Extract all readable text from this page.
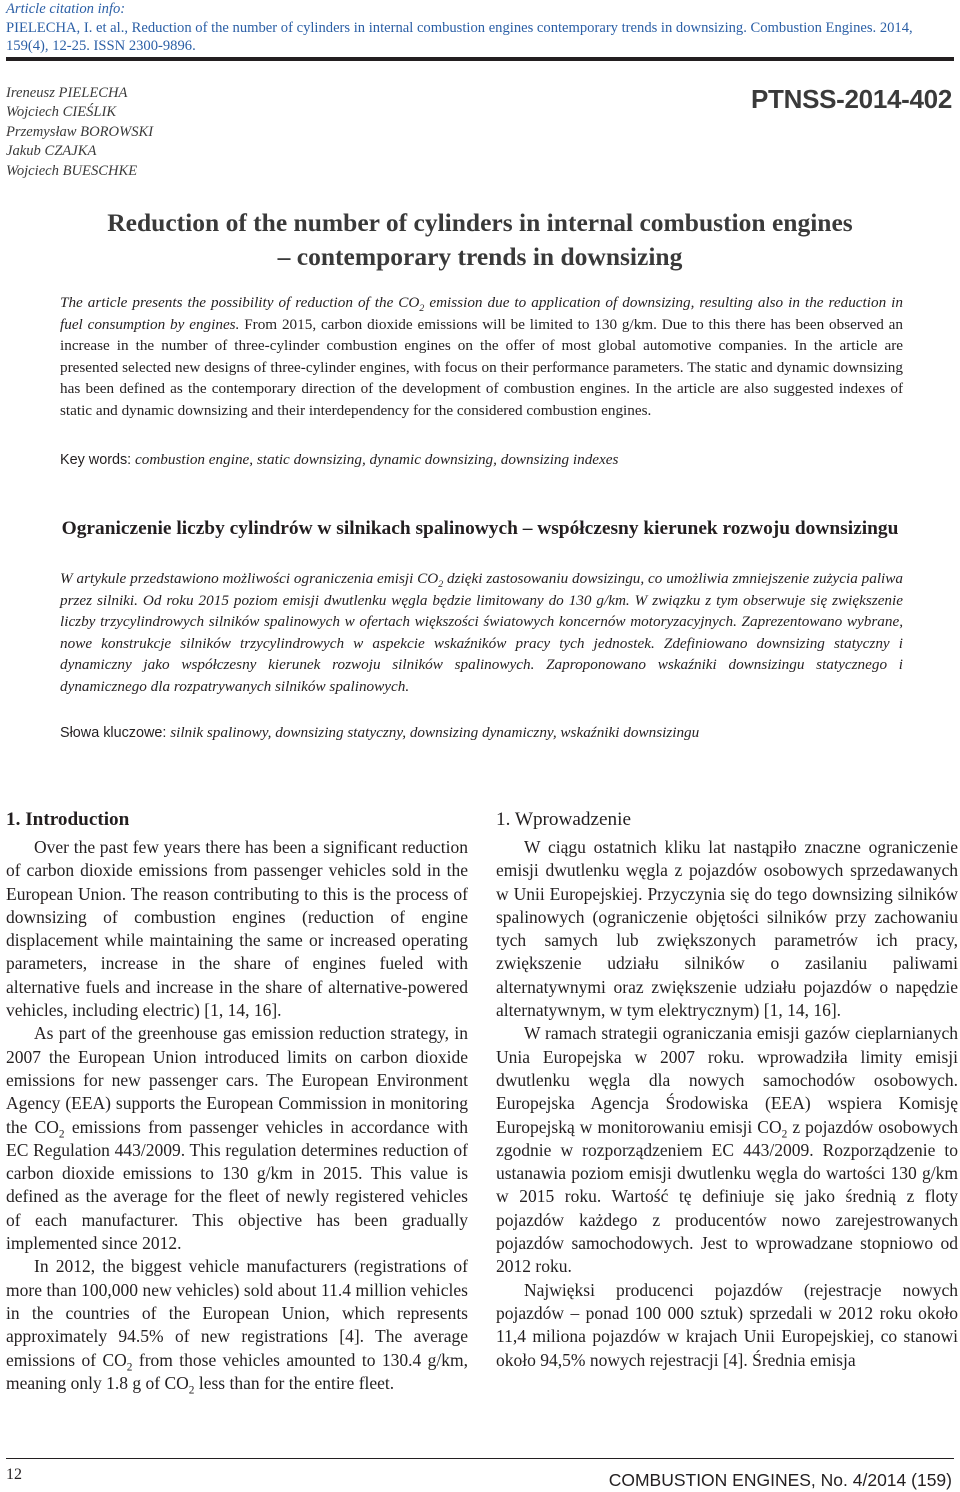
Article citation info:
PIELECHA, I. et al., Reduction of the number of cylinders in internal combustion engines contemporary trends in downsizing. Combustion Engines. 2014, 159(4), 12-25. ISSN 2300-9896.
Ireneusz PIELECHA
Wojciech CIEŚLIK
Przemysław BOROWSKI
Jakub CZAJKA
Wojciech BUESCHKE
PTNSS-2014-402
Reduction of the number of cylinders in internal combustion engines
– contemporary trends in downsizing
The article presents the possibility of reduction of the $CO_2$ emission due to application of downsizing, resulting also in the reduction in fuel consumption by engines. From 2015, carbon dioxide emissions will be limited to 130 g/km. Due to this there has been observed an increase in the number of three-cylinder combustion engines on the offer of most global automotive companies. In the article are presented selected new designs of three-cylinder engines, with focus on their performance parameters. The static and dynamic downsizing has been defined as the contemporary direction of the development of combustion engines. In the article are also suggested indexes of static and dynamic downsizing and their interdependency for the considered combustion engines.
Key words: combustion engine, static downsizing, dynamic downsizing, downsizing indexes
Ograniczenie liczby cylindrów w silnikach spalinowych – współczesny kierunek rozwoju downsizingu
W artykule przedstawiono możliwości ograniczenia emisji $CO_2$ dzięki zastosowaniu dowsizingu, co umożliwia zmniejszenie zużycia paliwa przez silniki. Od roku 2015 poziom emisji dwutlenku węgla będzie limitowany do 130 g/km. W związku z tym obserwuje się zwiększenie liczby trzycylindrowych silników spalinowych w ofertach większości światowych koncernów motoryzacyjnych. Zaprezentowano wybrane, nowe konstrukcje silników trzycylindrowych w aspekcie wskaźników pracy tych jednostek. Zdefiniowano downsizing statyczny i dynamiczny jako współczesny kierunek rozwoju silników spalinowych. Zaproponowano wskaźniki downsizingu statycznego i dynamicznego dla rozpatrywanych silników spalinowych.
Słowa kluczowe: silnik spalinowy, downsizing statyczny, downsizing dynamiczny, wskaźniki downsizingu
1. Introduction

Over the past few years there has been a significant reduction of carbon dioxide emissions from passenger vehicles sold in the European Union. The reason contributing to this is the process of downsizing of combustion engines (reduction of engine displacement while maintaining the same or increased operating parameters, increase in the share of engines fueled with alternative fuels and increase in the share of alternative-powered vehicles, including electric) [1, 14, 16].

As part of the greenhouse gas emission reduction strategy, in 2007 the European Union introduced limits on carbon dioxide emissions for new passenger cars. The European Environment Agency (EEA) supports the European Commission in monitoring the $CO_2$ emissions from passenger vehicles in accordance with EC Regulation 443/2009. This regulation determines reduction of carbon dioxide emissions to 130 g/km in 2015. This value is defined as the average for the fleet of newly registered vehicles of each manufacturer. This objective has been gradually implemented since 2012.

In 2012, the biggest vehicle manufacturers (registrations of more than 100,000 new vehicles) sold about 11.4 million vehicles in the countries of the European Union, which represents approximately 94.5% of new registrations [4]. The average emissions of $CO_2$ from those vehicles amounted to 130.4 g/km, meaning only 1.8 g of $CO_2$ less than for the entire fleet.

1. Wprowadzenie

W ciągu ostatnich kliku lat nastąpiło znaczne ograniczenie emisji dwutlenku węgla z pojazdów osobowych sprzedawanych w Unii Europejskiej. Przyczynia się do tego downsizing silników spalinowych (ograniczenie objętości silników przy zachowaniu tych samych lub zwiększonych parametrów ich pracy, zwiększenie udziału silników o zasilaniu paliwami alternatywnymi oraz zwiększenie udziału pojazdów o napędzie alternatywnym, w tym elektrycznym) [1, 14, 16].

W ramach strategii ograniczania emisji gazów cieplarnianych Unia Europejska w 2007 roku. wprowadziła limity emisji dwutlenku węgla dla nowych samochodów osobowych. Europejska Agencja Środowiska (EEA) wspiera Komisję Europejską w monitorowaniu emisji $CO_2$ z pojazdów osobowych zgodnie w rozporządzeniem EC 443/2009. Rozporządzenie to ustanawia poziom emisji dwutlenku węgla do wartości 130 g/km w 2015 roku. Wartość tę definiuje się jako średnią z floty pojazdów każdego z producentów nowo zarejestrowanych pojazdów samochodowych. Jest to wprowadzane stopniowo od 2012 roku.

Najwięksi producenci pojazdów (rejestracje nowych pojazdów – ponad 100 000 sztuk) sprzedali w 2012 roku około 11,4 miliona pojazdów w krajach Unii Europejskiej, co stanowi około 94,5% nowych rejestracji [4]. Średnia emisja

12	COMBUSTION ENGINES, No. 4/2014 (159)
